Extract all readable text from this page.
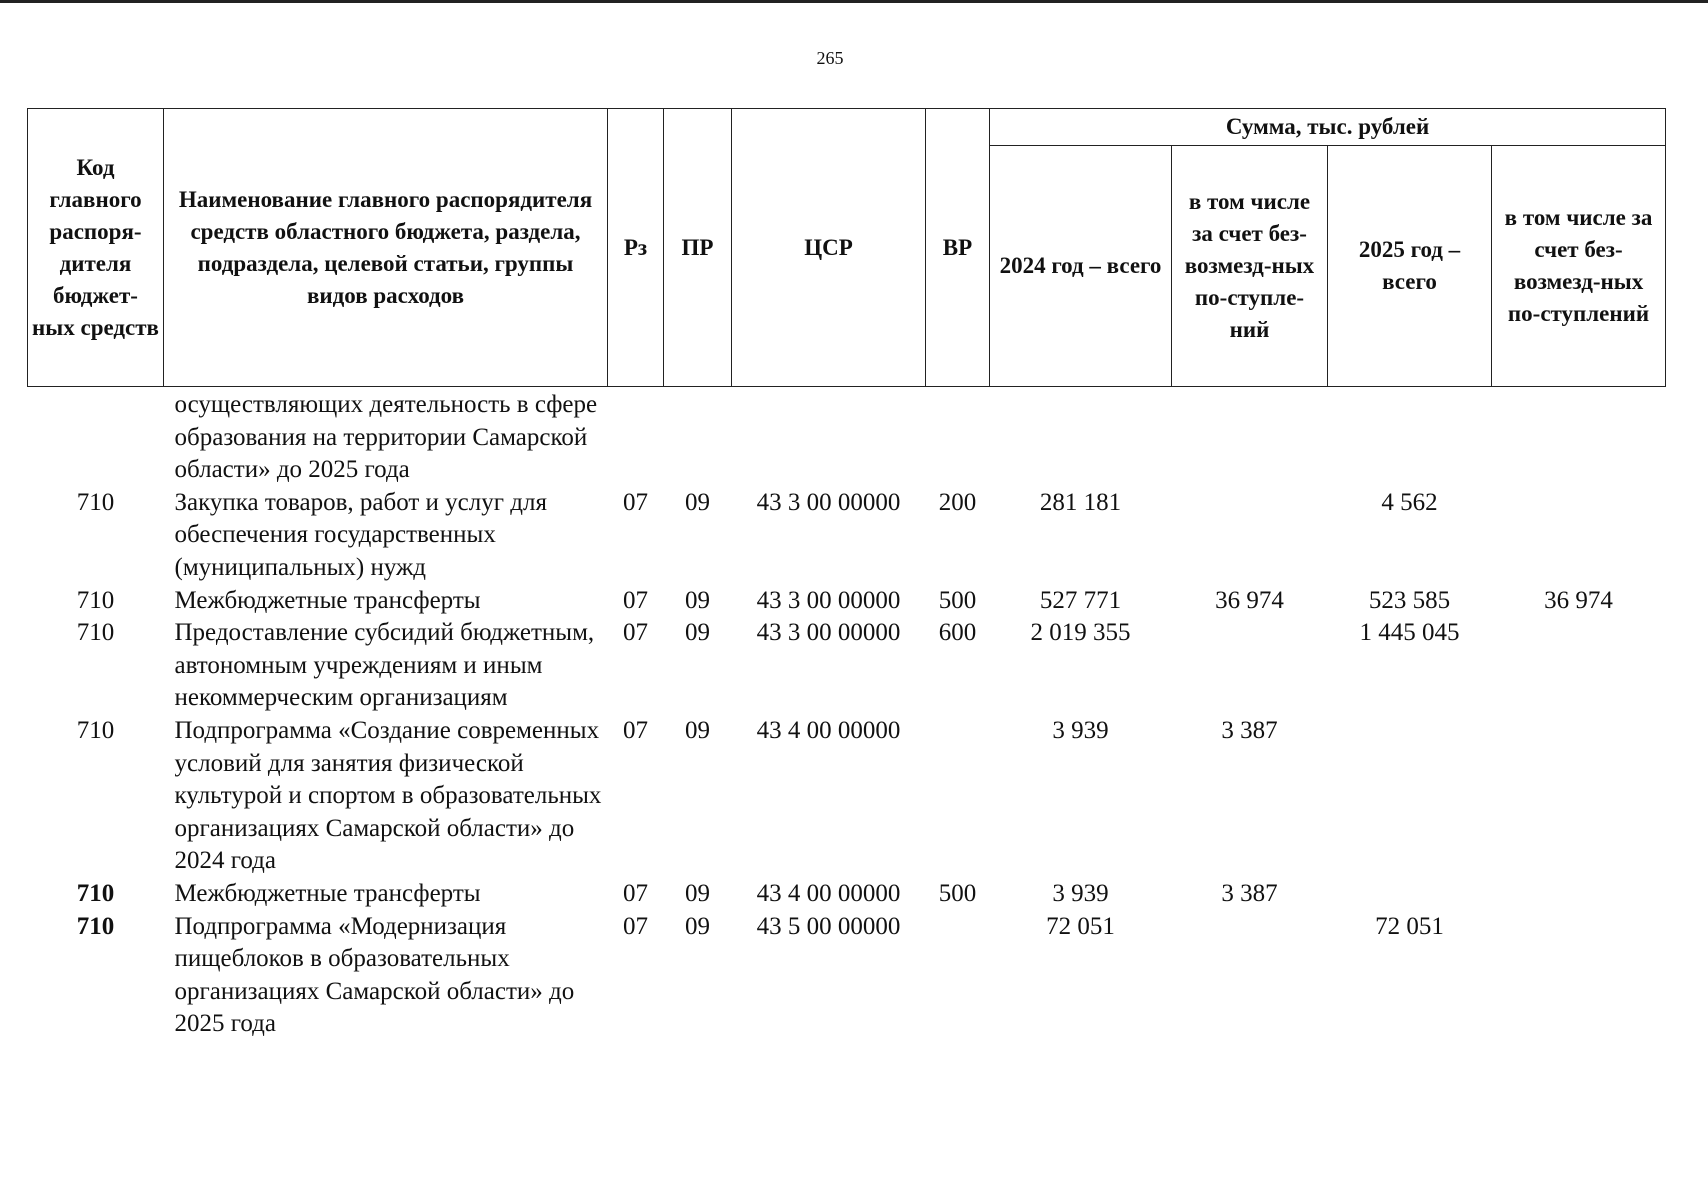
265
Код главного распоря-дителя бюджет-ных средств	Наименование главного распорядителя средств областного бюджета, раздела, подраздела, целевой статьи, группы видов расходов	Рз	ПР	ЦСР	ВР	Сумма, тыс. рублей			
						2024 год – всего	в том числе за счет без-возмезд-ных по-ступле-ний	2025 год – всего	в том числе за счет без-возмезд-ных по-ступлений
	осуществляющих деятельность в сфере образования на территории Самарской области» до 2025 года								
710	Закупка товаров, работ и услуг для обеспечения государственных (муниципальных) нужд	07	09	43 3 00 00000	200	281 181		4 562	
710	Межбюджетные трансферты	07	09	43 3 00 00000	500	527 771	36 974	523 585	36 974
710	Предоставление субсидий бюджетным, автономным учреждениям и иным некоммерческим организациям	07	09	43 3 00 00000	600	2 019 355		1 445 045	
710	Подпрограмма «Создание современных условий для занятия физической культурой и спортом в образовательных организациях Самарской области» до 2024 года	07	09	43 4 00 00000		3 939	3 387		
710	Межбюджетные трансферты	07	09	43 4 00 00000	500	3 939	3 387		
710	Подпрограмма «Модернизация пищеблоков в образовательных организациях Самарской области» до 2025 года	07	09	43 5 00 00000		72 051		72 051	
